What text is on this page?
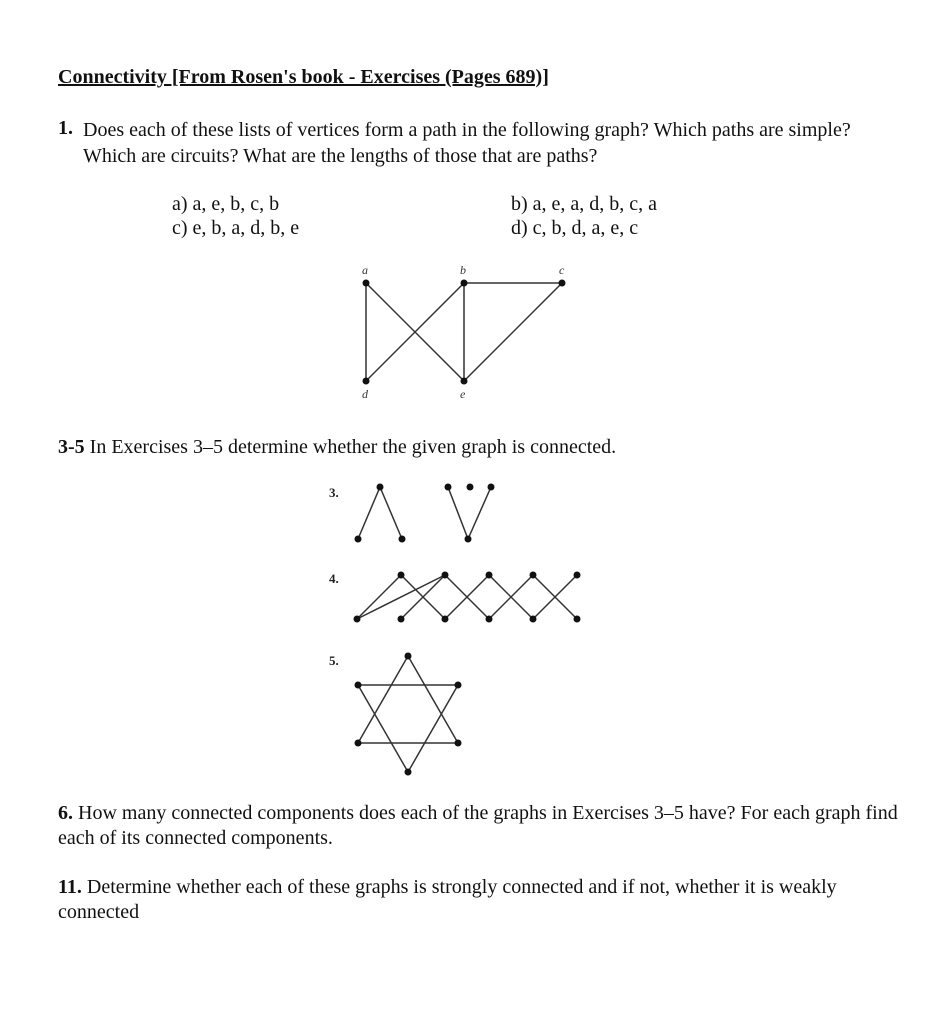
Connectivity [From Rosen's book - Exercises (Pages 689)]
1. Does each of these lists of vertices form a path in the following graph? Which paths are simple? Which are circuits? What are the lengths of those that are paths?
a) a, e, b, c, b	b) a, e, a, d, b, c, a
c) e, b, a, d, b, e	d) c, b, d, a, e, c
a	b	c
d	e
3-5 In Exercises 3–5 determine whether the given graph is connected.
3.
4.
5.
6. How many connected components does each of the graphs in Exercises 3–5 have? For each graph find each of its connected components.
11. Determine whether each of these graphs is strongly connected and if not, whether it is weakly connected
